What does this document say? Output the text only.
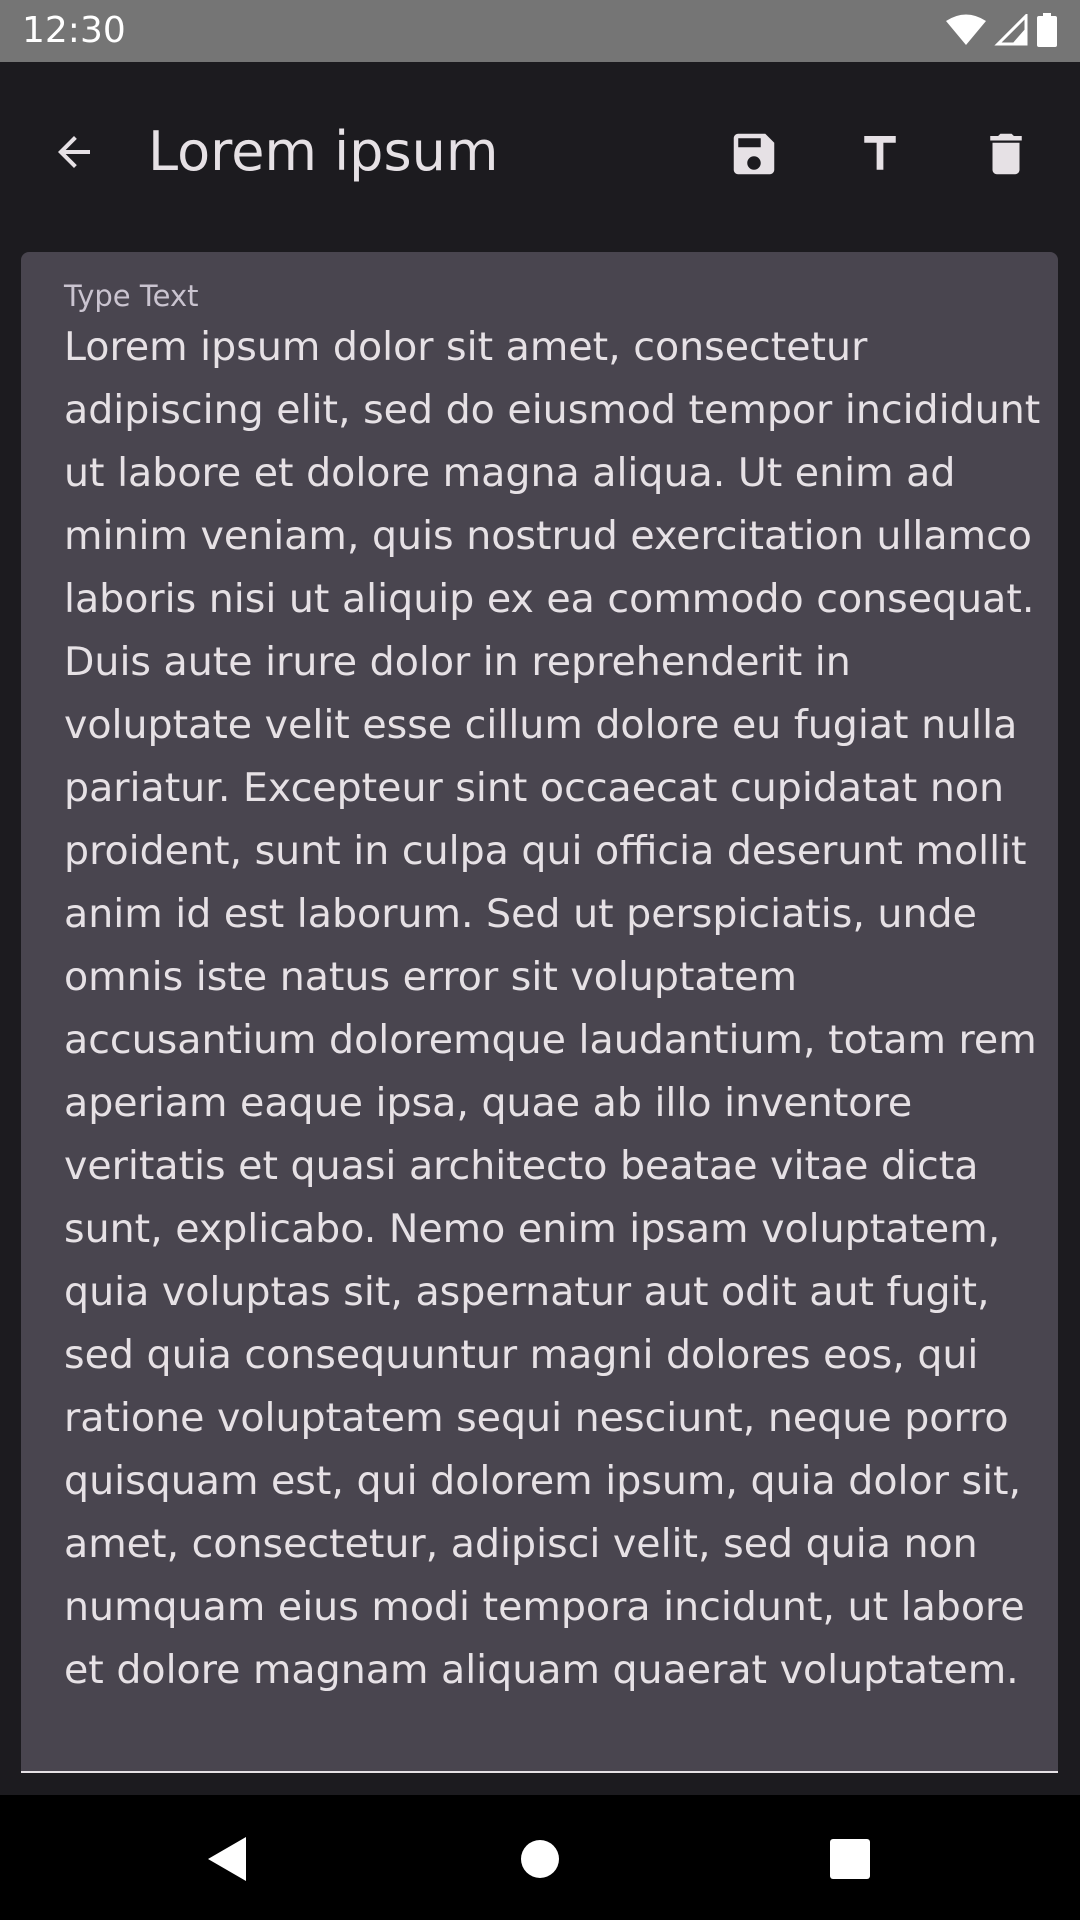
12:30
Lorem ipsum
Type Text
Lorem ipsum dolor sit amet, consectetur adipiscing elit, sed do eiusmod tempor incididunt ut labore et dolore magna aliqua. Ut enim ad minim veniam, quis nostrud exercitation ullamco laboris nisi ut aliquip ex ea commodo consequat. Duis aute irure dolor in reprehenderit in voluptate velit esse cillum dolore eu fugiat nulla pariatur. Excepteur sint occaecat cupidatat non proident, sunt in culpa qui officia deserunt mollit anim id est laborum. Sed ut perspiciatis, unde omnis iste natus error sit voluptatem accusantium doloremque laudantium, totam rem aperiam eaque ipsa, quae ab illo inventore veritatis et quasi architecto beatae vitae dicta sunt, explicabo. Nemo enim ipsam voluptatem, quia voluptas sit, aspernatur aut odit aut fugit, sed quia consequuntur magni dolores eos, qui ratione voluptatem sequi nesciunt, neque porro quisquam est, qui dolorem ipsum, quia dolor sit, amet, consectetur, adipisci velit, sed quia non numquam eius modi tempora incidunt, ut labore et dolore magnam aliquam quaerat voluptatem.
